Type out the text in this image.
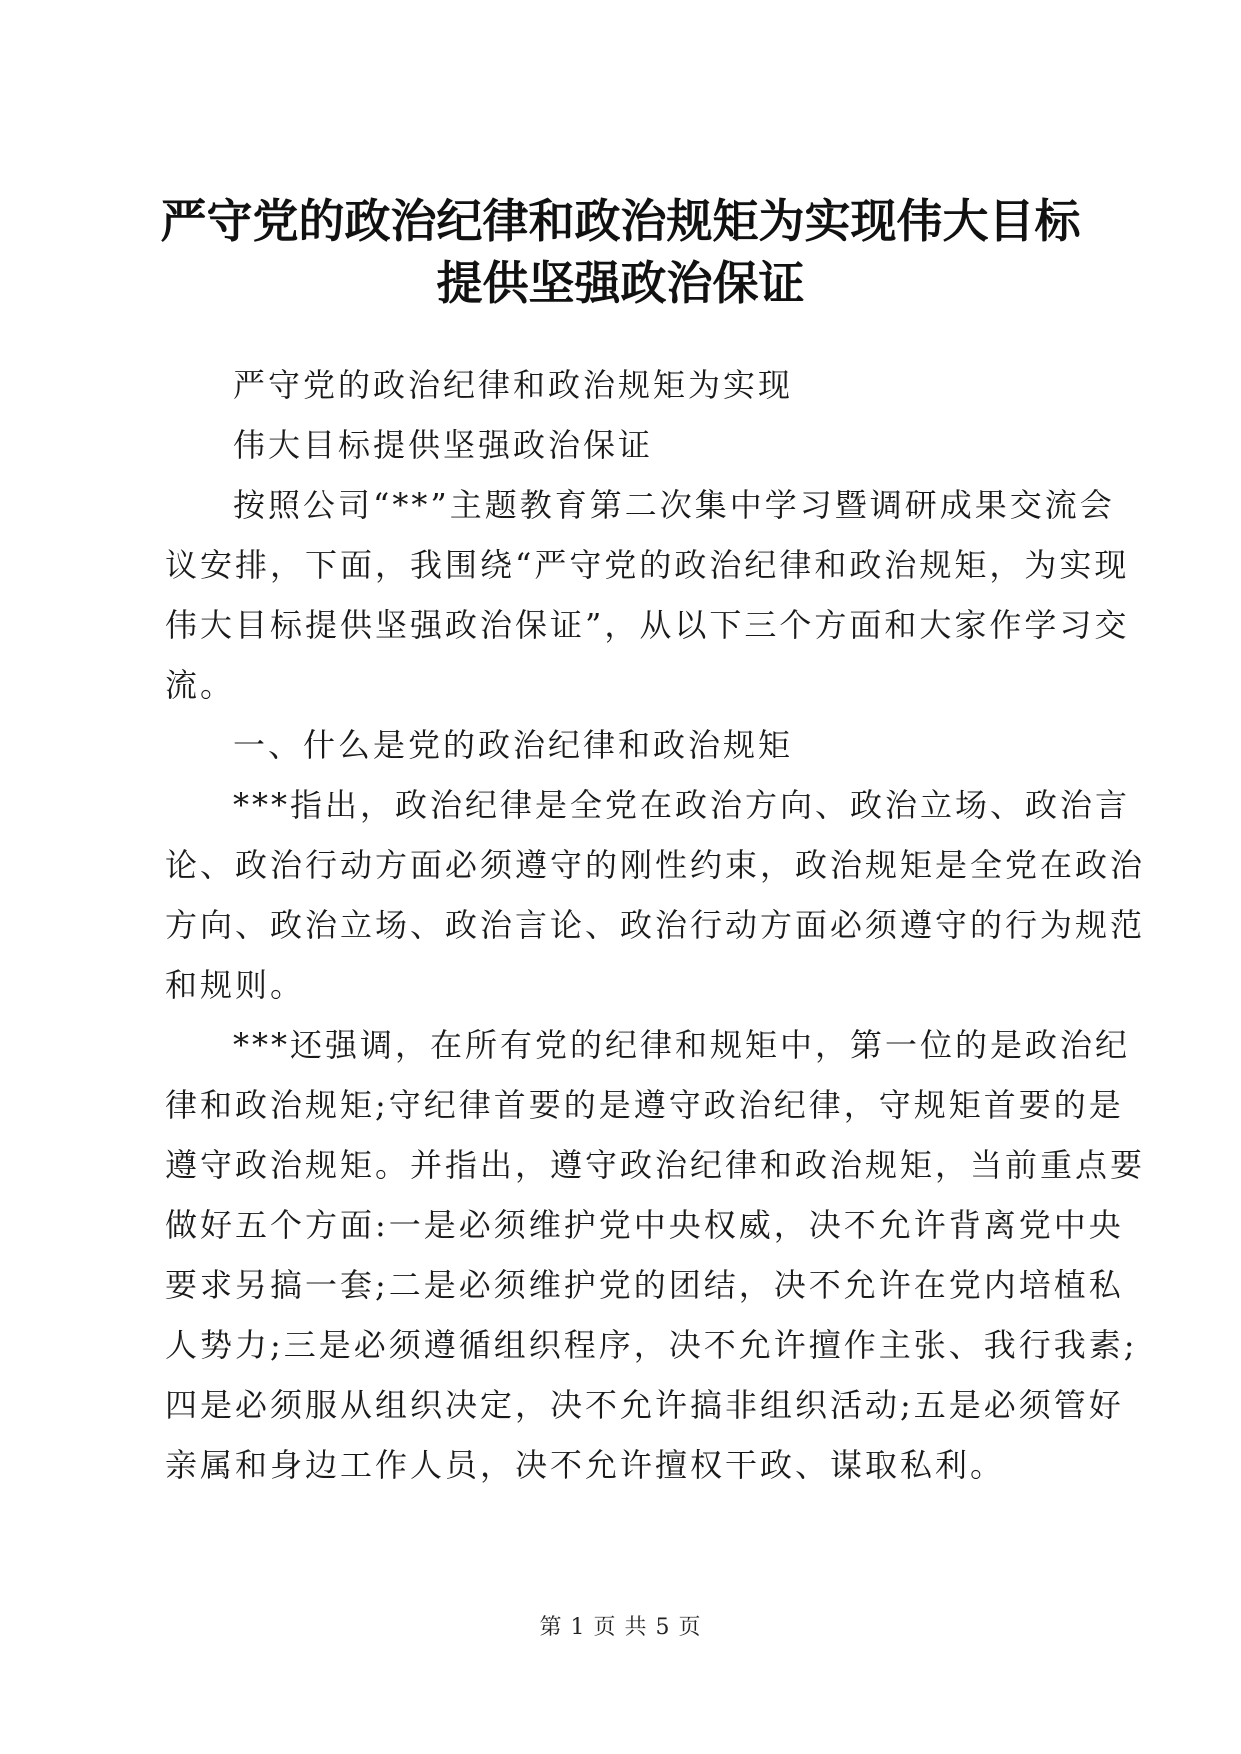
严守党的政治纪律和政治规矩为实现伟大目标
提供坚强政治保证

严守党的政治纪律和政治规矩为实现

伟大目标提供坚强政治保证

按照公司“**”主题教育第二次集中学习暨调研成果交流会
议安排，下面，我围绕“严守党的政治纪律和政治规矩，为实现
伟大目标提供坚强政治保证”，从以下三个方面和大家作学习交
流。

一、什么是党的政治纪律和政治规矩

***指出，政治纪律是全党在政治方向、政治立场、政治言
论、政治行动方面必须遵守的刚性约束，政治规矩是全党在政治
方向、政治立场、政治言论、政治行动方面必须遵守的行为规范
和规则。

***还强调，在所有党的纪律和规矩中，第一位的是政治纪
律和政治规矩;守纪律首要的是遵守政治纪律，守规矩首要的是
遵守政治规矩。并指出，遵守政治纪律和政治规矩，当前重点要
做好五个方面:一是必须维护党中央权威，决不允许背离党中央
要求另搞一套;二是必须维护党的团结，决不允许在党内培植私
人势力;三是必须遵循组织程序，决不允许擅作主张、我行我素;
四是必须服从组织决定，决不允许搞非组织活动;五是必须管好
亲属和身边工作人员，决不允许擅权干政、谋取私利。

第 1 页 共 5 页
